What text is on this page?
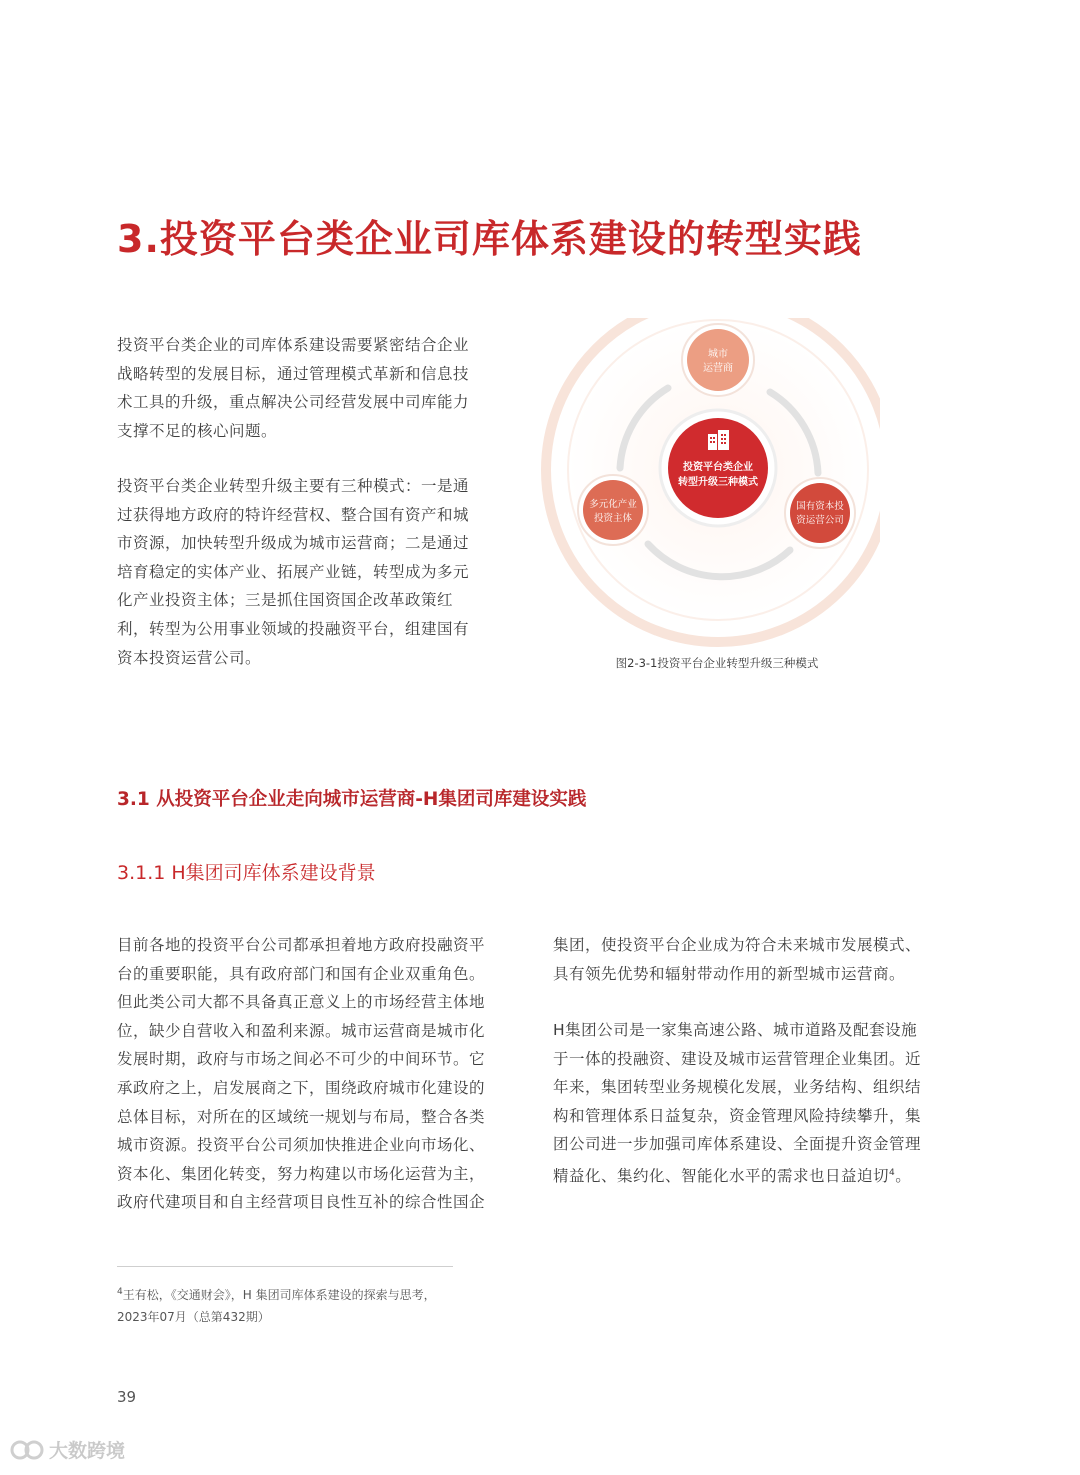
3.投资平台类企业司库体系建设的转型实践
投资平台类企业的司库体系建设需要紧密结合企业战略转型的发展目标，通过管理模式革新和信息技术工具的升级，重点解决公司经营发展中司库能力支撑不足的核心问题。
投资平台类企业转型升级主要有三种模式：一是通过获得地方政府的特许经营权、整合国有资产和城市资源，加快转型升级成为城市运营商；二是通过培育稳定的实体产业、拓展产业链，转型成为多元化产业投资主体；三是抓住国资国企改革政策红利，转型为公用事业领域的投融资平台，组建国有资本投资运营公司。
投资平台类企业
转型升级三种模式
城市
运营商
多元化产业
投资主体
国有资本投
资运营公司
图2-3-1投资平台企业转型升级三种模式
3.1 从投资平台企业走向城市运营商-H集团司库建设实践
3.1.1 H集团司库体系建设背景
目前各地的投资平台公司都承担着地方政府投融资平台的重要职能，具有政府部门和国有企业双重角色。但此类公司大都不具备真正意义上的市场经营主体地位，缺少自营收入和盈利来源。城市运营商是城市化发展时期，政府与市场之间必不可少的中间环节。它承政府之上，启发展商之下，围绕政府城市化建设的总体目标，对所在的区域统一规划与布局，整合各类城市资源。投资平台公司须加快推进企业向市场化、资本化、集团化转变，努力构建以市场化运营为主，政府代建项目和自主经营项目良性互补的综合性国企
集团，使投资平台企业成为符合未来城市发展模式、具有领先优势和辐射带动作用的新型城市运营商。
H集团公司是一家集高速公路、城市道路及配套设施于一体的投融资、建设及城市运营管理企业集团。近年来，集团转型业务规模化发展，业务结构、组织结构和管理体系日益复杂，资金管理风险持续攀升，集团公司进一步加强司库体系建设、全面提升资金管理精益化、集约化、智能化水平的需求也日益迫切$^4$。
$^4$王有松，《交通财会》，H 集团司库体系建设的探索与思考，2023年07月（总第432期）
39
大数跨境
